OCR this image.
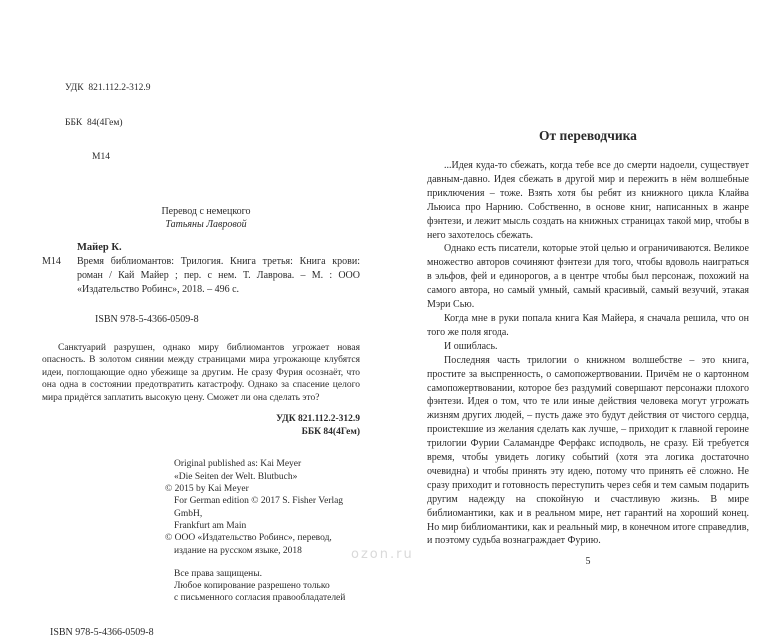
УДК  821.112.2-312.9

ББК  84(4Гем)

М14

Перевод с немецкого
Татьяны Лавровой
Майер К.
М14 Время библиомантов: Трилогия. Книга третья: Книга крови: роман / Кай Майер ; пер. с нем. Т. Лаврова. – М. : ООО «Издательство Робинс», 2018. – 496 с.
ISBN 978-5-4366-0509-8
Санктуарий разрушен, однако миру библиомантов угрожает новая опасность. В золотом сиянии между страницами мира угрожающе клубятся идеи, поглощающие одно убежище за другим. Не сразу Фурия осознаёт, что она одна в состоянии предотвратить катастрофу. Однако за спасение целого мира придётся заплатить высокую цену. Сможет ли она сделать это?
УДК 821.112.2-312.9
ББК 84(4Гем)
Original published as: Kai Meyer
«Die Seiten der Welt. Blutbuch»
© 2015 by Kai Meyer
For German edition © 2017 S. Fisher Verlag GmbH,
Frankfurt am Main
© ООО «Издательство Робинс», перевод,
издание на русском языке, 2018
Все права защищены.
Любое копирование разрешено только
с письменного согласия правообладателей
ISBN 978-5-4366-0509-8
От переводчика

...Идея куда-то сбежать, когда тебе все до смерти надоели, существует давным-давно. Идея сбежать в другой мир и пережить в нём волшебные приключения – тоже. Взять хотя бы ребят из книжного цикла Клайва Льюиса про Нарнию. Собственно, в основе книг, написанных в жанре фэнтези, и лежит мысль создать на книжных страницах такой мир, чтобы в него захотелось сбежать.

Однако есть писатели, которые этой целью и ограничиваются. Великое множество авторов сочиняют фэнтези для того, чтобы вдоволь наиграться в эльфов, фей и единорогов, а в центре чтобы был персонаж, похожий на самого автора, но самый умный, самый красивый, самый везучий, этакая Мэри Сью.

Когда мне в руки попала книга Кая Майера, я сначала решила, что он того же поля ягода.

И ошиблась.

Последняя часть трилогии о книжном волшебстве – это книга, простите за выспренность, о самопожертвовании. Причём не о картонном самопожертвовании, которое без раздумий совершают персонажи плохого фэнтези. Идея о том, что те или иные действия человека могут угрожать жизням других людей, – пусть даже это будут действия от чистого сердца, проистекшие из желания сделать как лучше, – приходит к главной героине трилогии Фурии Саламандре Ферфакс исподволь, не сразу. Ей требуется время, чтобы увидеть логику событий (хотя эта логика достаточно очевидна) и чтобы принять эту идею, потому что принять её сложно. Не сразу приходит и готовность переступить через себя и тем самым подарить другим надежду на спокойную и счастливую жизнь. В мире библиомантики, как и в реальном мире, нет гарантий на хороший конец. Но мир библиомантики, как и реальный мир, в конечном итоге справедлив, и поэтому судьба вознаграждает Фурию.

5
ozon.ru
